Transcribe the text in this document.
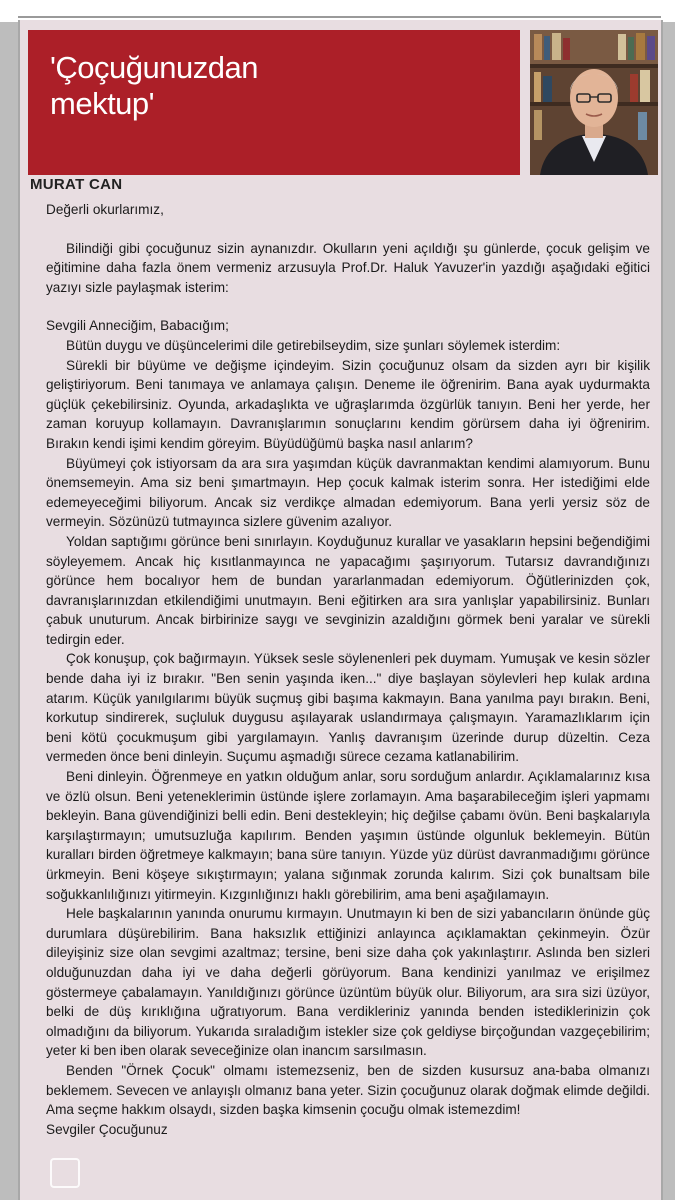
'Çoçuğunuzdan
mektup'
MURAT CAN

Değerli okurlarımız,

Bilindiği gibi çocuğunuz sizin aynanızdır. Okulların yeni açıldığı şu günlerde, çocuk gelişim ve eğitimine daha fazla önem vermeniz arzusuyla Prof.Dr. Haluk Yavuzer'in yazdığı aşağıdaki eğitici yazıyı sizle paylaşmak isterim:

Sevgili Anneciğim, Babacığım;

Bütün duygu ve düşüncelerimi dile getirebilseydim, size şunları söylemek isterdim:

Sürekli bir büyüme ve değişme içindeyim. Sizin çocuğunuz olsam da sizden ayrı bir kişilik geliştiriyorum. Beni tanımaya ve anlamaya çalışın. Deneme ile öğrenirim. Bana ayak uydurmakta güçlük çekebilirsiniz. Oyunda, arkadaşlıkta ve uğraşlarımda özgürlük tanıyın. Beni her yerde, her zaman koruyup kollamayın. Davranışlarımın sonuçlarını kendim görürsem daha iyi öğrenirim. Bırakın kendi işimi kendim göreyim. Büyüdüğümü başka nasıl anlarım?

Büyümeyi çok istiyorsam da ara sıra yaşımdan küçük davranmaktan kendimi alamıyorum. Bunu önemsemeyin. Ama siz beni şımartmayın. Hep çocuk kalmak isterim sonra. Her istediğimi elde edemeyeceğimi biliyorum. Ancak siz verdikçe almadan edemiyorum. Bana yerli yersiz söz de vermeyin. Sözünüzü tutmayınca sizlere güvenim azalıyor.

Yoldan saptığımı görünce beni sınırlayın. Koyduğunuz kurallar ve yasakların hepsini beğendiğimi söyleyemem. Ancak hiç kısıtlanmayınca ne yapacağımı şaşırıyorum. Tutarsız davrandığınızı görünce hem bocalıyor hem de bundan yararlanmadan edemiyorum. Öğütlerinizden çok, davranışlarınızdan etkilendiğimi unutmayın. Beni eğitirken ara sıra yanlışlar yapabilirsiniz. Bunları çabuk unuturum. Ancak birbirinize saygı ve sevginizin azaldığını görmek beni yaralar ve sürekli tedirgin eder.

Çok konuşup, çok bağırmayın. Yüksek sesle söylenenleri pek duymam. Yumuşak ve kesin sözler bende daha iyi iz bırakır. "Ben senin yaşında iken..." diye başlayan söylevleri hep kulak ardına atarım. Küçük yanılgılarımı büyük suçmuş gibi başıma kakmayın. Bana yanılma payı bırakın. Beni, korkutup sindirerek, suçluluk duygusu aşılayarak uslandırmaya çalışmayın. Yaramazlıklarım için beni kötü çocukmuşum gibi yargılamayın. Yanlış davranışım üzerinde durup düzeltin. Ceza vermeden önce beni dinleyin. Suçumu aşmadığı sürece cezama katlanabilirim.

Beni dinleyin. Öğrenmeye en yatkın olduğum anlar, soru sorduğum anlardır. Açıklamalarınız kısa ve özlü olsun. Beni yeteneklerimin üstünde işlere zorlamayın. Ama başarabileceğim işleri yapmamı bekleyin. Bana güvendiğinizi belli edin. Beni destekleyin; hiç değilse çabamı övün. Beni başkalarıyla karşılaştırmayın; umutsuzluğa kapılırım. Benden yaşımın üstünde olgunluk beklemeyin. Bütün kuralları birden öğretmeye kalkmayın; bana süre tanıyın. Yüzde yüz dürüst davranmadığımı görünce ürkmeyin. Beni köşeye sıkıştırmayın; yalana sığınmak zorunda kalırım. Sizi çok bunaltsam bile soğukkanlılığınızı yitirmeyin. Kızgınlığınızı haklı görebilirim, ama beni aşağılamayın.

Hele başkalarının yanında onurumu kırmayın. Unutmayın ki ben de sizi yabancıların önünde güç durumlara düşürebilirim. Bana haksızlık ettiğinizi anlayınca açıklamaktan çekinmeyin. Özür dileyişiniz size olan sevgimi azaltmaz; tersine, beni size daha çok yakınlaştırır. Aslında ben sizleri olduğunuzdan daha iyi ve daha değerli görüyorum. Bana kendinizi yanılmaz ve erişilmez göstermeye çabalamayın. Yanıldığınızı görünce üzüntüm büyük olur. Biliyorum, ara sıra sizi üzüyor, belki de düş kırıklığına uğratıyorum. Bana verdikleriniz yanında benden istediklerinizin çok olmadığını da biliyorum. Yukarıda sıraladığım istekler size çok geldiyse birçoğundan vazgeçebilirim; yeter ki ben iben olarak seveceğinize olan inancım sarsılmasın.

Benden "Örnek Çocuk" olmamı istemezseniz, ben de sizden kusursuz ana-baba olmanızı beklemem. Sevecen ve anlayışlı olmanız bana yeter. Sizin çocuğunuz olarak doğmak elimde değildi. Ama seçme hakkım olsaydı, sizden başka kimsenin çocuğu olmak istemezdim!

Sevgiler Çocuğunuz
